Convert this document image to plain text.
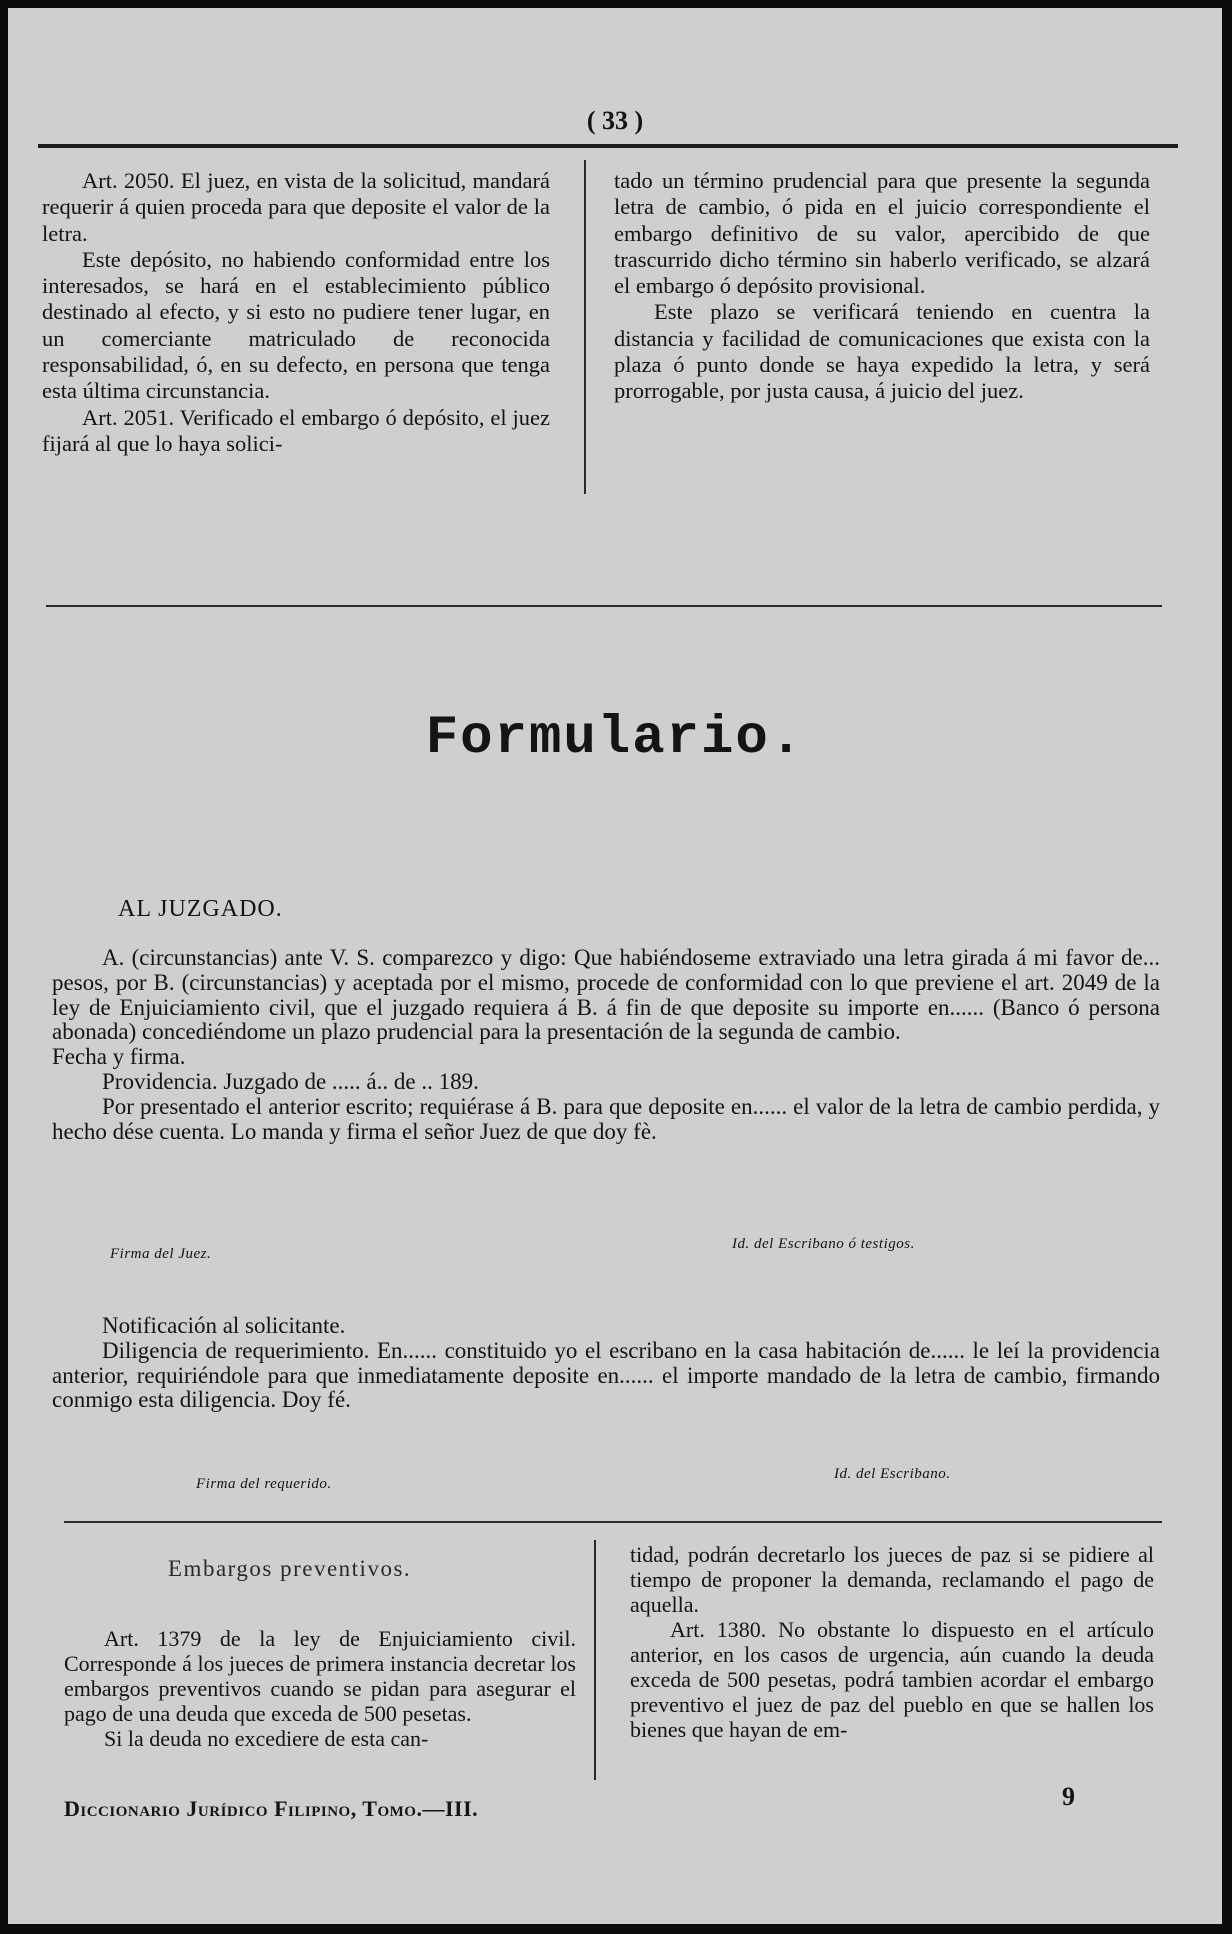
( 33 )

Art. 2050. El juez, en vista de la solicitud, mandará requerir á quien proceda para que deposite el valor de la letra.

Este depósito, no habiendo conformidad entre los interesados, se hará en el establecimiento público destinado al efecto, y si esto no pudiere tener lugar, en un comerciante matriculado de reconocida responsabilidad, ó, en su defecto, en persona que tenga esta última circunstancia.

Art. 2051. Verificado el embargo ó depósito, el juez fijará al que lo haya solici-

tado un término prudencial para que presente la segunda letra de cambio, ó pida en el juicio correspondiente el embargo definitivo de su valor, apercibido de que trascurrido dicho término sin haberlo verificado, se alzará el embargo ó depósito provisional.

Este plazo se verificará teniendo en cuentra la distancia y facilidad de comunicaciones que exista con la plaza ó punto donde se haya expedido la letra, y será prorrogable, por justa causa, á juicio del juez.

Formulario.
AL JUZGADO.

A. (circunstancias) ante V. S. comparezco y digo: Que habiéndoseme extraviado una letra girada á mi favor de... pesos, por B. (circunstancias) y aceptada por el mismo, procede de conformidad con lo que previene el art. 2049 de la ley de Enjuiciamiento civil, que el juzgado requiera á B. á fin de que deposite su importe en...... (Banco ó persona abonada) concediéndome un plazo prudencial para la presentación de la segunda de cambio.

Fecha y firma.

Providencia. Juzgado de ..... á.. de .. 189.

Por presentado el anterior escrito; requiérase á B. para que deposite en...... el valor de la letra de cambio perdida, y hecho dése cuenta. Lo manda y firma el señor Juez de que doy fè.

Firma del Juez.
Id. del Escribano ó testigos.

Notificación al solicitante.

Diligencia de requerimiento. En...... constituido yo el escribano en la casa habitación de...... le leí la providencia anterior, requiriéndole para que inmediatamente deposite en...... el importe mandado de la letra de cambio, firmando conmigo esta diligencia. Doy fé.

Firma del requerido.
Id. del Escribano.
Embargos preventivos.

Art. 1379 de la ley de Enjuiciamiento civil. Corresponde á los jueces de primera instancia decretar los embargos preventivos cuando se pidan para asegurar el pago de una deuda que exceda de 500 pesetas.

Si la deuda no excediere de esta can-

tidad, podrán decretarlo los jueces de paz si se pidiere al tiempo de proponer la demanda, reclamando el pago de aquella.

Art. 1380. No obstante lo dispuesto en el artículo anterior, en los casos de urgencia, aún cuando la deuda exceda de 500 pesetas, podrá tambien acordar el embargo preventivo el juez de paz del pueblo en que se hallen los bienes que hayan de em-

Diccionario Jurídico Filipino, Tomo.—III.	9
